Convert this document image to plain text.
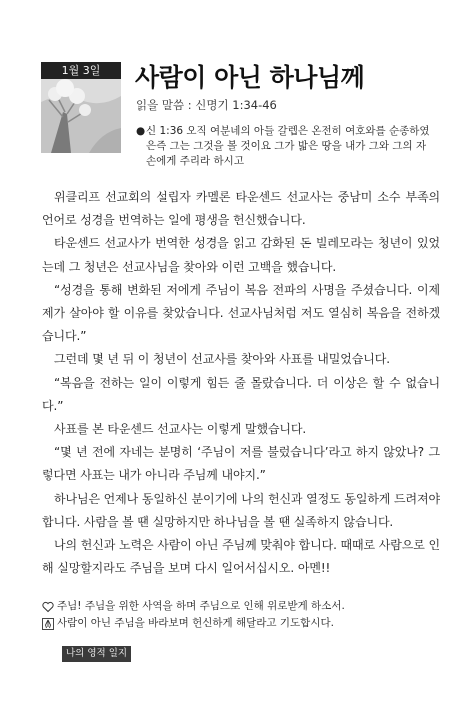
1월 3일	사람이 아닌 하나님께
읽을 말씀 : 신명기 1:34-46
● 신 1:36 오직 여분네의 아들 갈렙은 온전히 여호와를 순종하였은즉 그는 그것을 볼 것이요 그가 밟은 땅을 내가 그와 그의 자손에게 주리라 하시고

위클리프 선교회의 설립자 카멜론 타운센드 선교사는 중남미 소수 부족의 언어로 성경을 번역하는 일에 평생을 헌신했습니다.

타운센드 선교사가 번역한 성경을 읽고 감화된 돈 빌레모라는 청년이 있었는데 그 청년은 선교사님을 찾아와 이런 고백을 했습니다.

“성경을 통해 변화된 저에게 주님이 복음 전파의 사명을 주셨습니다. 이제 제가 살아야 할 이유를 찾았습니다. 선교사님처럼 저도 열심히 복음을 전하겠습니다.”

그런데 몇 년 뒤 이 청년이 선교사를 찾아와 사표를 내밀었습니다.

“복음을 전하는 일이 이렇게 힘든 줄 몰랐습니다. 더 이상은 할 수 없습니다.”

사표를 본 타운센드 선교사는 이렇게 말했습니다.

“몇 년 전에 자네는 분명히 ‘주님이 저를 불렀습니다’라고 하지 않았나? 그렇다면 사표는 내가 아니라 주님께 내야지.”

하나님은 언제나 동일하신 분이기에 나의 헌신과 열정도 동일하게 드려져야 합니다. 사람을 볼 땐 실망하지만 하나님을 볼 땐 실족하지 않습니다.

나의 헌신과 노력은 사람이 아닌 주님께 맞춰야 합니다. 때때로 사람으로 인해 실망할지라도 주님을 보며 다시 일어서십시오. 아멘!!

주님! 주님을 위한 사역을 하며 주님으로 인해 위로받게 하소서.
사람이 아닌 주님을 바라보며 헌신하게 해달라고 기도합시다.
나의 영적 일지
